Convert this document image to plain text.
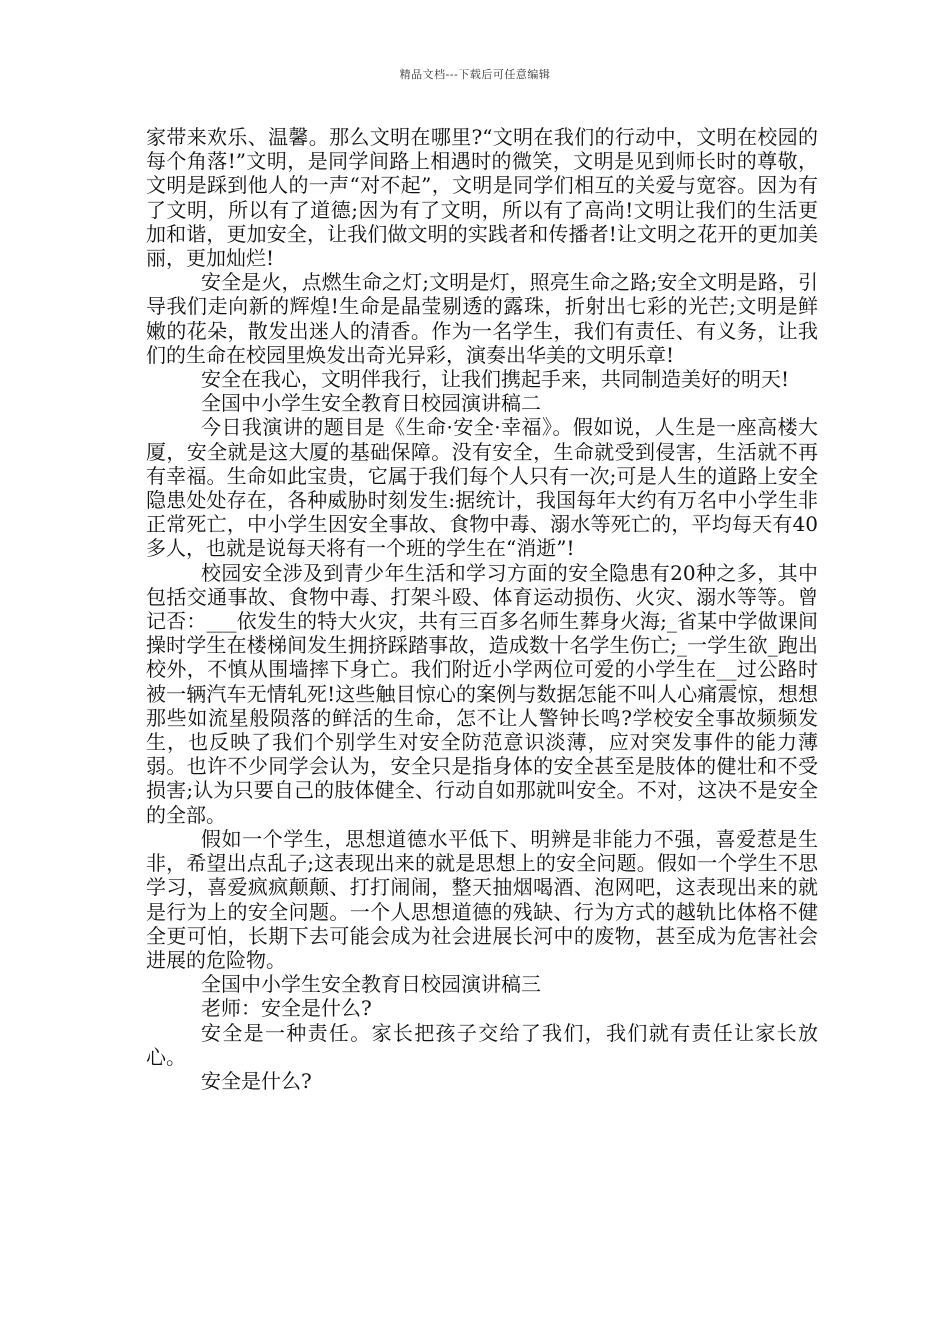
精品文档---下载后可任意编辑

家带来欢乐、温馨。那么文明在哪里?“文明在我们的行动中，文明在校园的每个角落!”文明，是同学间路上相遇时的微笑，文明是见到师长时的尊敬，文明是踩到他人的一声“对不起”，文明是同学们相互的关爱与宽容。因为有了文明，所以有了道德;因为有了文明，所以有了高尚!文明让我们的生活更加和谐，更加安全，让我们做文明的实践者和传播者!让文明之花开的更加美丽，更加灿烂!

安全是火，点燃生命之灯;文明是灯，照亮生命之路;安全文明是路，引导我们走向新的辉煌!生命是晶莹剔透的露珠，折射出七彩的光芒;文明是鲜嫩的花朵，散发出迷人的清香。作为一名学生，我们有责任、有义务，让我们的生命在校园里焕发出奇光异彩，演奏出华美的文明乐章!

安全在我心，文明伴我行，让我们携起手来，共同制造美好的明天!

全国中小学生安全教育日校园演讲稿二

今日我演讲的题目是《生命·安全·幸福》。假如说，人生是一座高楼大厦，安全就是这大厦的基础保障。没有安全，生命就受到侵害，生活就不再有幸福。生命如此宝贵，它属于我们每个人只有一次;可是人生的道路上安全隐患处处存在，各种威胁时刻发生:据统计，我国每年大约有万名中小学生非正常死亡，中小学生因安全事故、食物中毒、溺水等死亡的，平均每天有40多人，也就是说每天将有一个班的学生在“消逝”!

校园安全涉及到青少年生活和学习方面的安全隐患有20种之多，其中包括交通事故、食物中毒、打架斗殴、体育运动损伤、火灾、溺水等等。曾记否：___依发生的特大火灾，共有三百多名师生葬身火海;_省某中学做课间操时学生在楼梯间发生拥挤踩踏事故，造成数十名学生伤亡;_一学生欲_跑出校外，不慎从围墙摔下身亡。我们附近小学两位可爱的小学生在__过公路时被一辆汽车无情轧死!这些触目惊心的案例与数据怎能不叫人心痛震惊，想想那些如流星般陨落的鲜活的生命，怎不让人警钟长鸣?学校安全事故频频发生，也反映了我们个别学生对安全防范意识淡薄，应对突发事件的能力薄弱。也许不少同学会认为，安全只是指身体的安全甚至是肢体的健壮和不受损害;认为只要自己的肢体健全、行动自如那就叫安全。不对，这决不是安全的全部。

假如一个学生，思想道德水平低下、明辨是非能力不强，喜爱惹是生非，希望出点乱子;这表现出来的就是思想上的安全问题。假如一个学生不思学习，喜爱疯疯颠颠、打打闹闹，整天抽烟喝酒、泡网吧，这表现出来的就是行为上的安全问题。一个人思想道德的残缺、行为方式的越轨比体格不健全更可怕，长期下去可能会成为社会进展长河中的废物，甚至成为危害社会进展的危险物。

全国中小学生安全教育日校园演讲稿三

老师：安全是什么?

安全是一种责任。家长把孩子交给了我们，我们就有责任让家长放心。

安全是什么?
